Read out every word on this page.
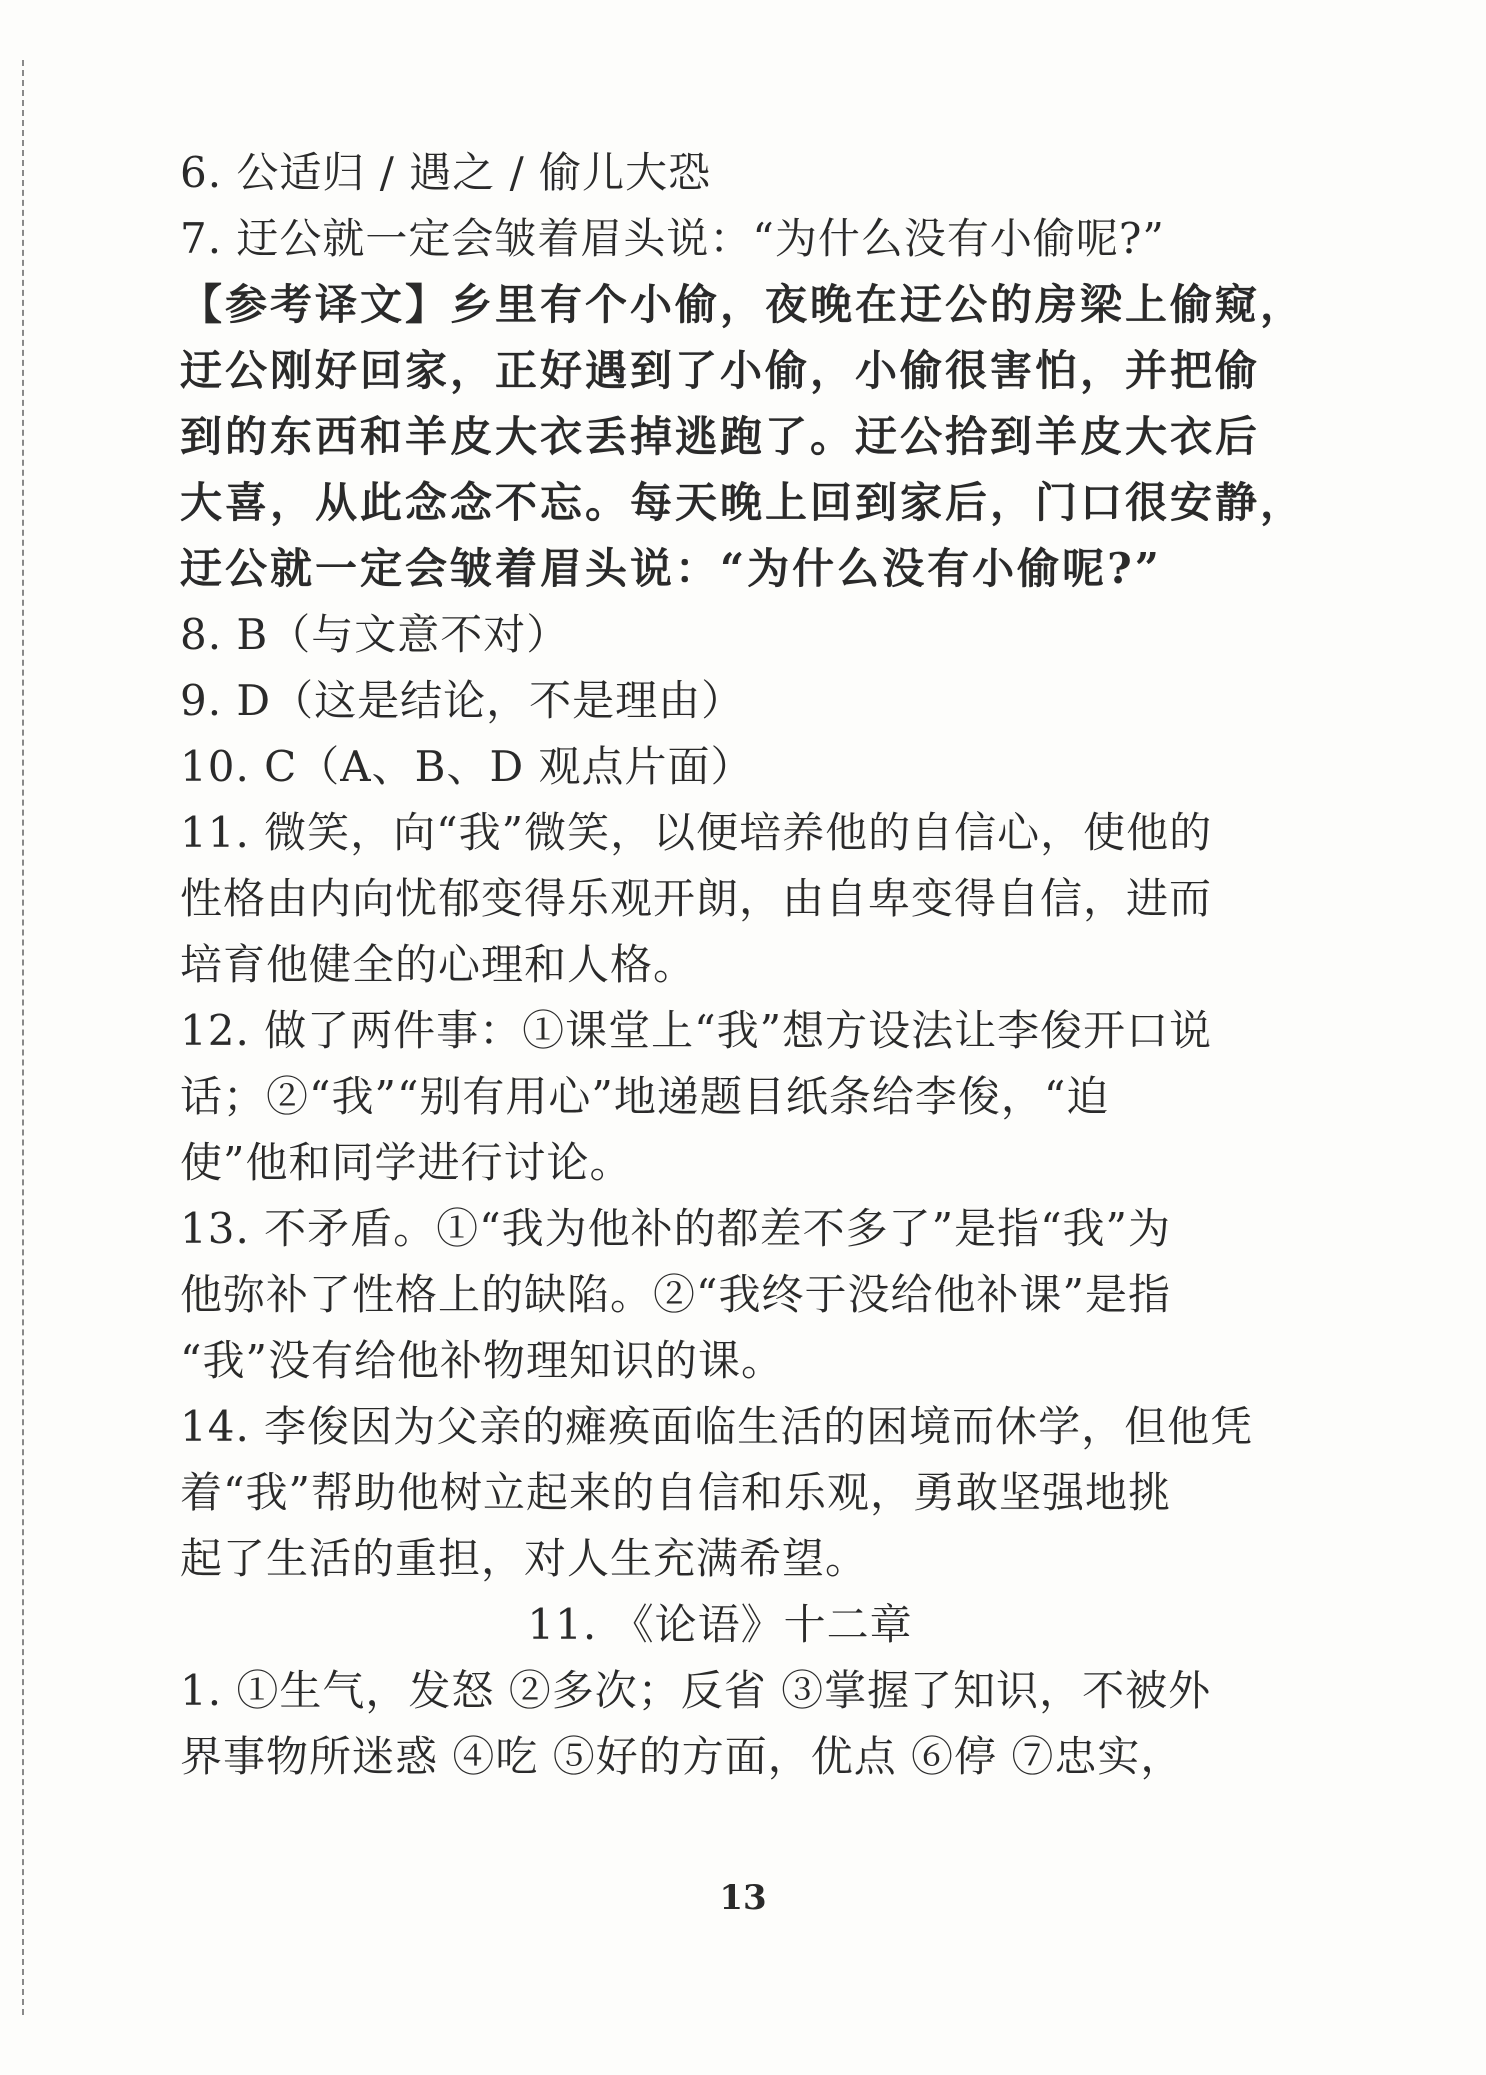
6. 公适归 / 遇之 / 偷儿大恐
7. 迂公就一定会皱着眉头说：“为什么没有小偷呢?”
【参考译文】乡里有个小偷，夜晚在迂公的房梁上偷窥，
迂公刚好回家，正好遇到了小偷，小偷很害怕，并把偷
到的东西和羊皮大衣丢掉逃跑了。迂公拾到羊皮大衣后
大喜，从此念念不忘。每天晚上回到家后，门口很安静，
迂公就一定会皱着眉头说：“为什么没有小偷呢?”
8. B（与文意不对）
9. D（这是结论，不是理由）
10. C（A、B、D 观点片面）
11. 微笑，向“我”微笑，以便培养他的自信心，使他的
性格由内向忧郁变得乐观开朗，由自卑变得自信，进而
培育他健全的心理和人格。
12. 做了两件事：①课堂上“我”想方设法让李俊开口说
话；②“我”“别有用心”地递题目纸条给李俊，“迫
使”他和同学进行讨论。
13. 不矛盾。①“我为他补的都差不多了”是指“我”为
他弥补了性格上的缺陷。②“我终于没给他补课”是指
“我”没有给他补物理知识的课。
14. 李俊因为父亲的瘫痪面临生活的困境而休学，但他凭
着“我”帮助他树立起来的自信和乐观，勇敢坚强地挑
起了生活的重担，对人生充满希望。
11. 《论语》十二章
1. ①生气，发怒 ②多次；反省 ③掌握了知识，不被外
界事物所迷惑 ④吃 ⑤好的方面，优点 ⑥停 ⑦忠实，
13
